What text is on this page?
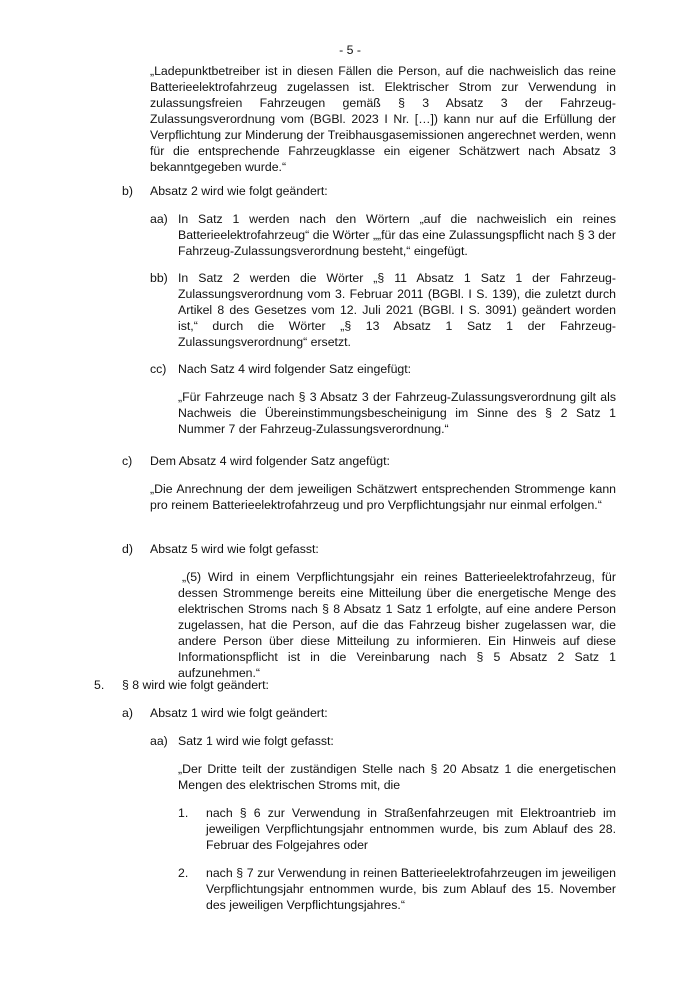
- 5 -
„Ladepunktbetreiber ist in diesen Fällen die Person, auf die nachweislich das reine Batterieelektrofahrzeug zugelassen ist. Elektrischer Strom zur Verwendung in zulassungsfreien Fahrzeugen gemäß § 3 Absatz 3 der Fahrzeug-Zulassungsverordnung vom (BGBl. 2023 I Nr. […]) kann nur auf die Erfüllung der Verpflichtung zur Minderung der Treibhausgasemissionen angerechnet werden, wenn für die entsprechende Fahrzeugklasse ein eigener Schätzwert nach Absatz 3 bekanntgegeben wurde.“
b) Absatz 2 wird wie folgt geändert:
aa) In Satz 1 werden nach den Wörtern „auf die nachweislich ein reines Batterieelektrofahrzeug“ die Wörter „„für das eine Zulassungspflicht nach § 3 der Fahrzeug-Zulassungsverordnung besteht,“ eingefügt.
bb) In Satz 2 werden die Wörter „§ 11 Absatz 1 Satz 1 der Fahrzeug-Zulassungsverordnung vom 3. Februar 2011 (BGBl. I S. 139), die zuletzt durch Artikel 8 des Gesetzes vom 12. Juli 2021 (BGBl. I S. 3091) geändert worden ist,“ durch die Wörter „§ 13 Absatz 1 Satz 1 der Fahrzeug-Zulassungsverordnung“ ersetzt.
cc) Nach Satz 4 wird folgender Satz eingefügt:
„Für Fahrzeuge nach § 3 Absatz 3 der Fahrzeug-Zulassungsverordnung gilt als Nachweis die Übereinstimmungsbescheinigung im Sinne des § 2 Satz 1 Nummer 7 der Fahrzeug-Zulassungsverordnung.“
c) Dem Absatz 4 wird folgender Satz angefügt:
„Die Anrechnung der dem jeweiligen Schätzwert entsprechenden Strommenge kann pro reinem Batterieelektrofahrzeug und pro Verpflichtungsjahr nur einmal erfolgen.“
d) Absatz 5 wird wie folgt gefasst:
„(5) Wird in einem Verpflichtungsjahr ein reines Batterieelektrofahrzeug, für dessen Strommenge bereits eine Mitteilung über die energetische Menge des elektrischen Stroms nach § 8 Absatz 1 Satz 1 erfolgte, auf eine andere Person zugelassen, hat die Person, auf die das Fahrzeug bisher zugelassen war, die andere Person über diese Mitteilung zu informieren. Ein Hinweis auf diese Informationspflicht ist in die Vereinbarung nach § 5 Absatz 2 Satz 1 aufzunehmen.“
5. § 8 wird wie folgt geändert:
a) Absatz 1 wird wie folgt geändert:
aa) Satz 1 wird wie folgt gefasst:
„Der Dritte teilt der zuständigen Stelle nach § 20 Absatz 1 die energetischen Mengen des elektrischen Stroms mit, die
1. nach § 6 zur Verwendung in Straßenfahrzeugen mit Elektroantrieb im jeweiligen Verpflichtungsjahr entnommen wurde, bis zum Ablauf des 28. Februar des Folgejahres oder
2. nach § 7 zur Verwendung in reinen Batterieelektrofahrzeugen im jeweiligen Verpflichtungsjahr entnommen wurde, bis zum Ablauf des 15. November des jeweiligen Verpflichtungsjahres.“
